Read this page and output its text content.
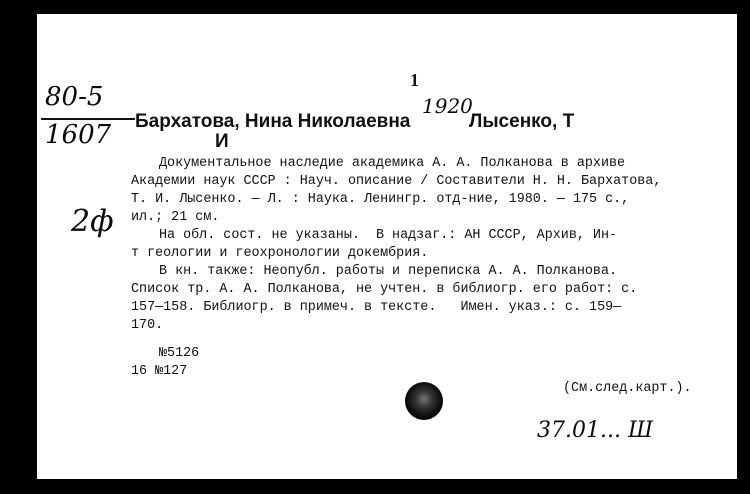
1
80-5
1607
1920
2ф
Бархатова, Нина Николаевна	Лысенко, Т
И
Документальное наследие академика А. А. Полканова в архиве
Академии наук СССР : Науч. описание / Составители Н. Н. Бархатова,
Т. И. Лысенко. — Л. : Наука. Ленингр. отд-ние, 1980. — 175 с.,
ил.; 21 см.
На обл. сост. не указаны.  В надзаг.: АН СССР, Архив, Ин-
т геологии и геохронологии докембрия.
В кн. также: Неопубл. работы и переписка А. А. Полканова.
Список тр. А. А. Полканова, не учтен. в библиогр. его работ: с.
157—158. Библиогр. в примеч. в тексте.   Имен. указ.: с. 159—
170.
№5126
16 №127
(См.след.карт.).
37.01... Ш
